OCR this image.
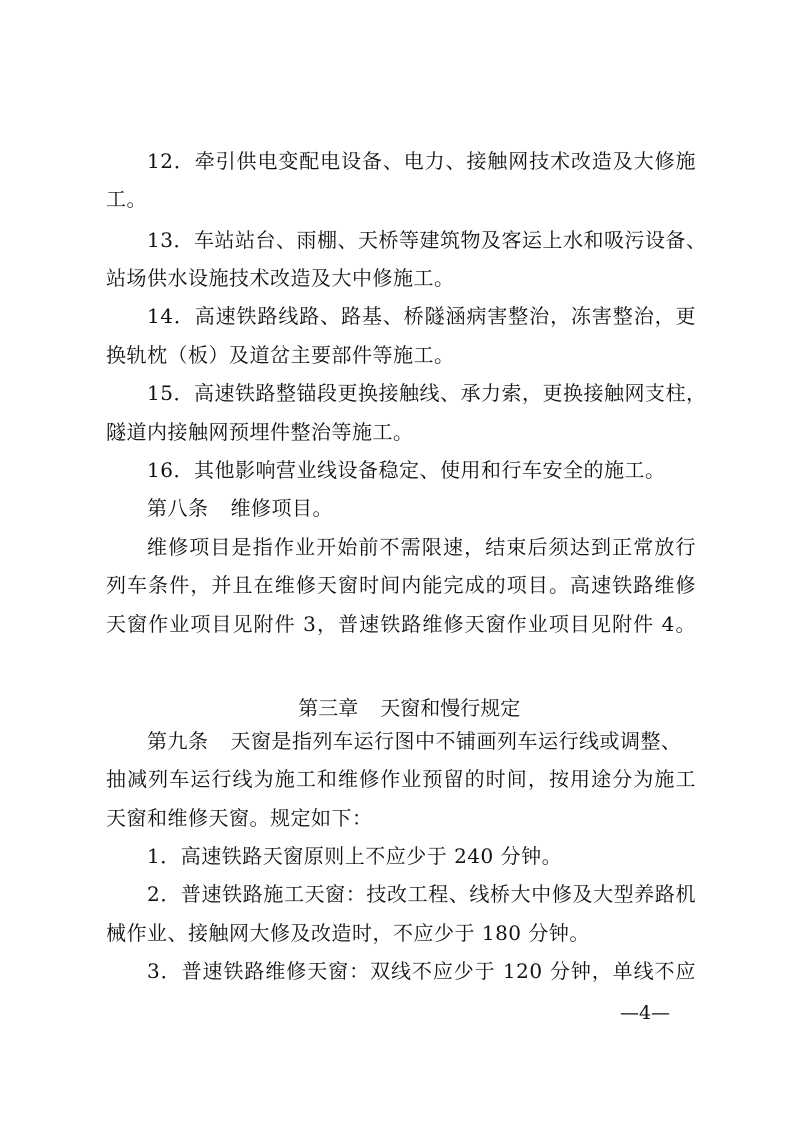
12．牵引供电变配电设备、电力、接触网技术改造及大修施
工。
13．车站站台、雨棚、天桥等建筑物及客运上水和吸污设备、
站场供水设施技术改造及大中修施工。
14．高速铁路线路、路基、桥隧涵病害整治，冻害整治，更
换轨枕（板）及道岔主要部件等施工。
15．高速铁路整锚段更换接触线、承力索，更换接触网支柱，
隧道内接触网预埋件整治等施工。
16．其他影响营业线设备稳定、使用和行车安全的施工。
第八条 维修项目。
维修项目是指作业开始前不需限速，结束后须达到正常放行
列车条件，并且在维修天窗时间内能完成的项目。高速铁路维修
天窗作业项目见附件 3，普速铁路维修天窗作业项目见附件 4。

第三章 天窗和慢行规定

第九条 天窗是指列车运行图中不铺画列车运行线或调整、
抽减列车运行线为施工和维修作业预留的时间，按用途分为施工
天窗和维修天窗。规定如下：
1．高速铁路天窗原则上不应少于 240 分钟。
2．普速铁路施工天窗：技改工程、线桥大中修及大型养路机
械作业、接触网大修及改造时，不应少于 180 分钟。
3．普速铁路维修天窗：双线不应少于 120 分钟，单线不应
—4—
